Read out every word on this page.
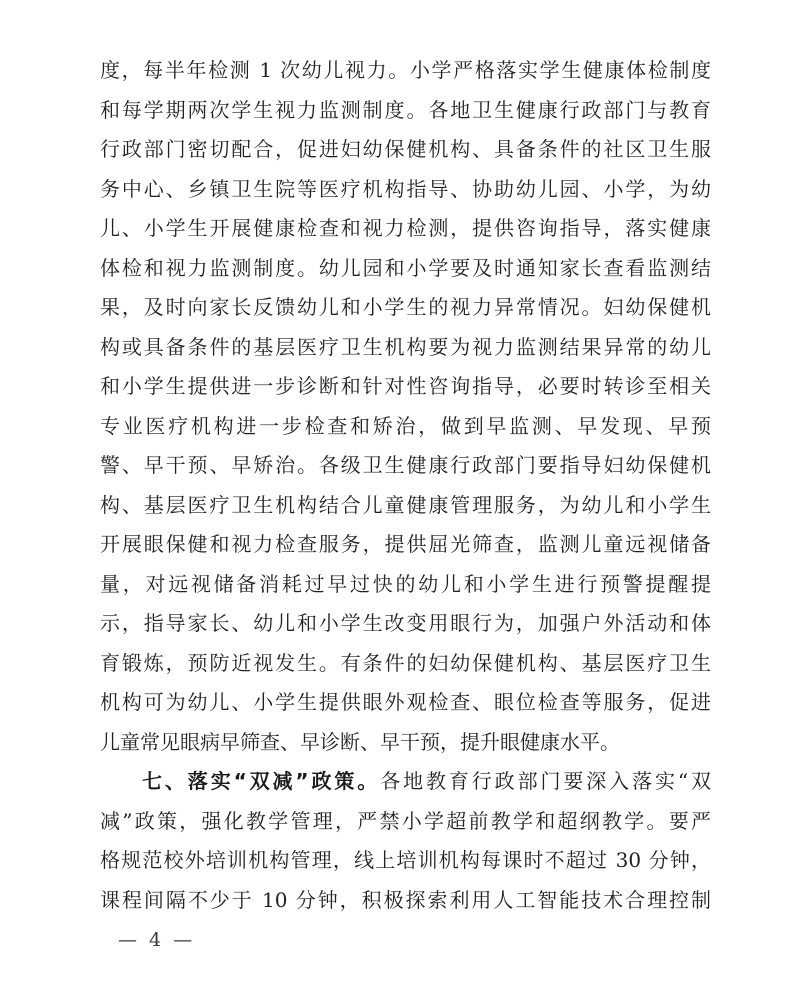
度，每半年检测 1 次幼儿视力。小学严格落实学生健康体检制度
和每学期两次学生视力监测制度。各地卫生健康行政部门与教育
行政部门密切配合，促进妇幼保健机构、具备条件的社区卫生服
务中心、乡镇卫生院等医疗机构指导、协助幼儿园、小学，为幼
儿、小学生开展健康检查和视力检测，提供咨询指导，落实健康
体检和视力监测制度。幼儿园和小学要及时通知家长查看监测结
果，及时向家长反馈幼儿和小学生的视力异常情况。妇幼保健机
构或具备条件的基层医疗卫生机构要为视力监测结果异常的幼儿
和小学生提供进一步诊断和针对性咨询指导，必要时转诊至相关
专业医疗机构进一步检查和矫治，做到早监测、早发现、早预
警、早干预、早矫治。各级卫生健康行政部门要指导妇幼保健机
构、基层医疗卫生机构结合儿童健康管理服务，为幼儿和小学生
开展眼保健和视力检查服务，提供屈光筛查，监测儿童远视储备
量，对远视储备消耗过早过快的幼儿和小学生进行预警提醒提
示，指导家长、幼儿和小学生改变用眼行为，加强户外活动和体
育锻炼，预防近视发生。有条件的妇幼保健机构、基层医疗卫生
机构可为幼儿、小学生提供眼外观检查、眼位检查等服务，促进
儿童常见眼病早筛查、早诊断、早干预，提升眼健康水平。
七、落实“双减”政策。各地教育行政部门要深入落实“双
减”政策，强化教学管理，严禁小学超前教学和超纲教学。要严
格规范校外培训机构管理，线上培训机构每课时不超过 30 分钟，
课程间隔不少于 10 分钟，积极探索利用人工智能技术合理控制
— 4 —
